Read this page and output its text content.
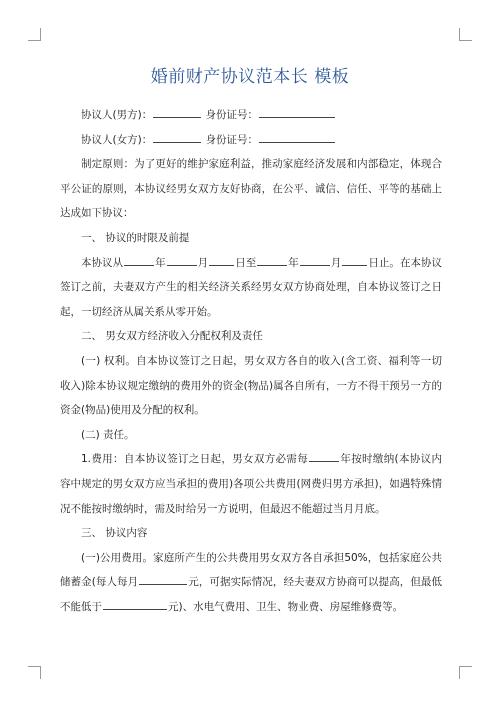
婚前财产协议范本长 模板

协议人(男方)：	身份证号：

协议人(女方)：	身份证号：

制定原则：为了更好的维护家庭利益，推动家庭经济发展和内部稳定，体现合平公证的原则，本协议经男女双方友好协商，在公平、诚信、信任、平等的基础上达成如下协议：

一、 协议的时限及前提

本协议从	年	月	日至	年	月	日止。在本协议签订之前，夫妻双方产生的相关经济关系经男女双方协商处理，自本协议签订之日起，一切经济从属关系从零开始。

二、 男女双方经济收入分配权利及责任

(一) 权利。自本协议签订之日起，男女双方各自的收入(含工资、福利等一切收入)除本协议规定缴纳的费用外的资金(物品)属各自所有，一方不得干预另一方的资金(物品)使用及分配的权利。

(二) 责任。

1.费用：自本协议签订之日起，男女双方必需每	年按时缴纳(本协议内容中规定的男女双方应当承担的费用)各项公共费用(网费归男方承担)，如遇特殊情况不能按时缴纳时，需及时给另一方说明，但最迟不能超过当月月底。

三、 协议内容

(一)公用费用。家庭所产生的公共费用男女双方各自承担50%，包括家庭公共储蓄金(每人每月	元，可据实际情况，经夫妻双方协商可以提高，但最低不能低于	元)、水电气费用、卫生、物业费、房屋维修费等。
